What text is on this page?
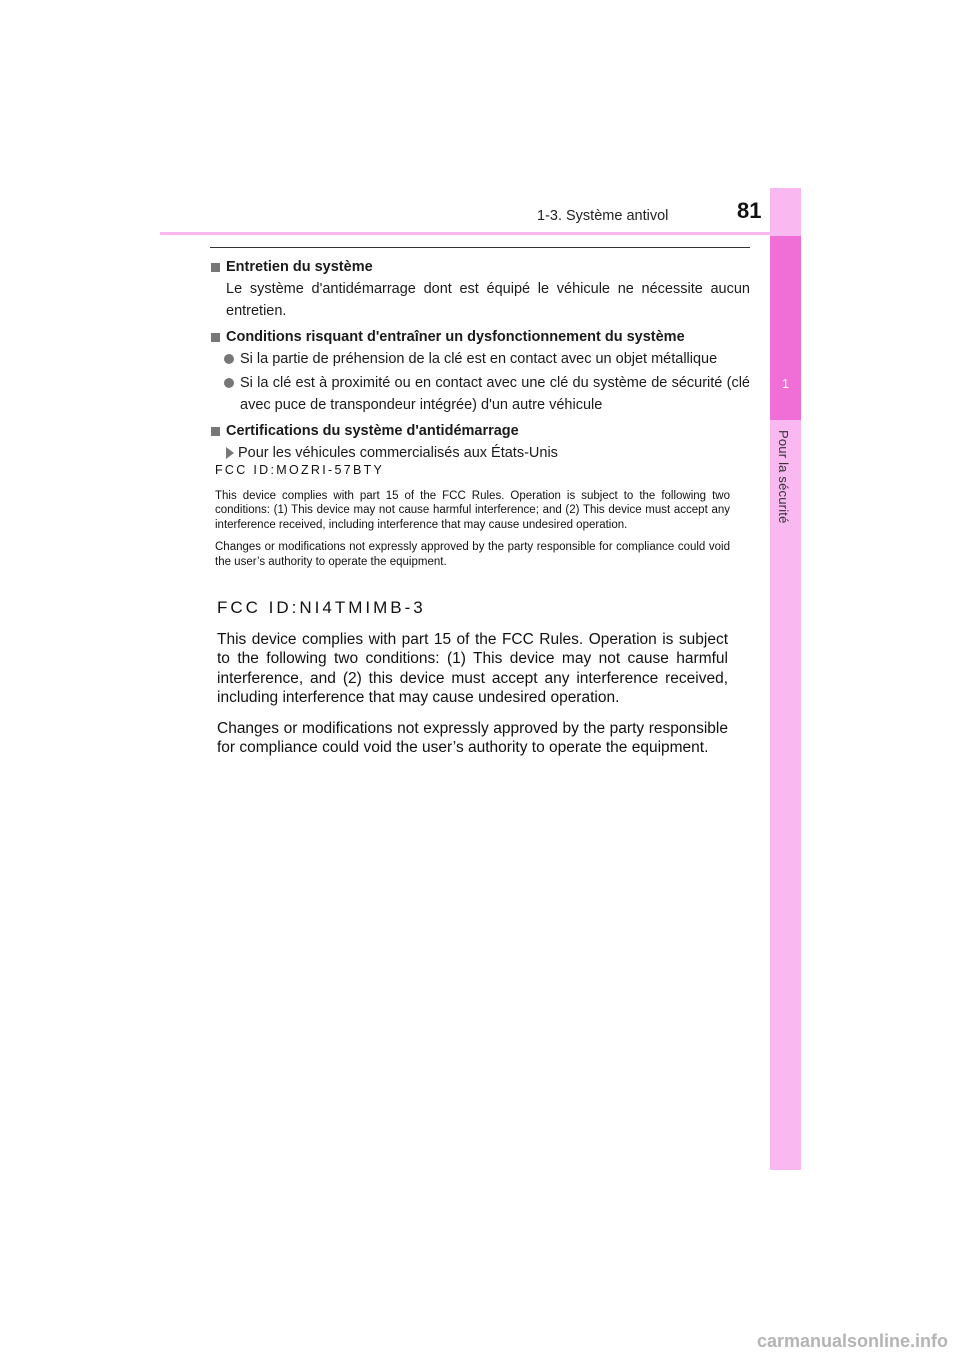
1
Pour la sécurité
1-3. Système antivol	81
Entretien du système
Le système d'antidémarrage dont est équipé le véhicule ne nécessite aucun entretien.
Conditions risquant d'entraîner un dysfonctionnement du système
Si la partie de préhension de la clé est en contact avec un objet métallique
Si la clé est à proximité ou en contact avec une clé du système de sécurité (clé avec puce de transpondeur intégrée) d'un autre véhicule
Certifications du système d'antidémarrage
Pour les véhicules commercialisés aux États-Unis
FCC ID:MOZRI-57BTY

This device complies with part 15 of the FCC Rules. Operation is subject to the following two conditions: (1) This device may not cause harmful interference; and (2) This device must accept any interference received, including interference that may cause undesired operation.

Changes or modifications not expressly approved by the party responsible for compliance could void the user’s authority to operate the equipment.

FCC ID:NI4TMIMB-3

This device complies with part 15 of the FCC Rules. Operation is subject to the following two conditions: (1) This device may not cause harmful interference, and (2) this device must accept any interference received, including interference that may cause undesired operation.

Changes or modifications not expressly approved by the party responsible for compliance could void the user’s authority to operate the equipment.

carmanualsonline.info
